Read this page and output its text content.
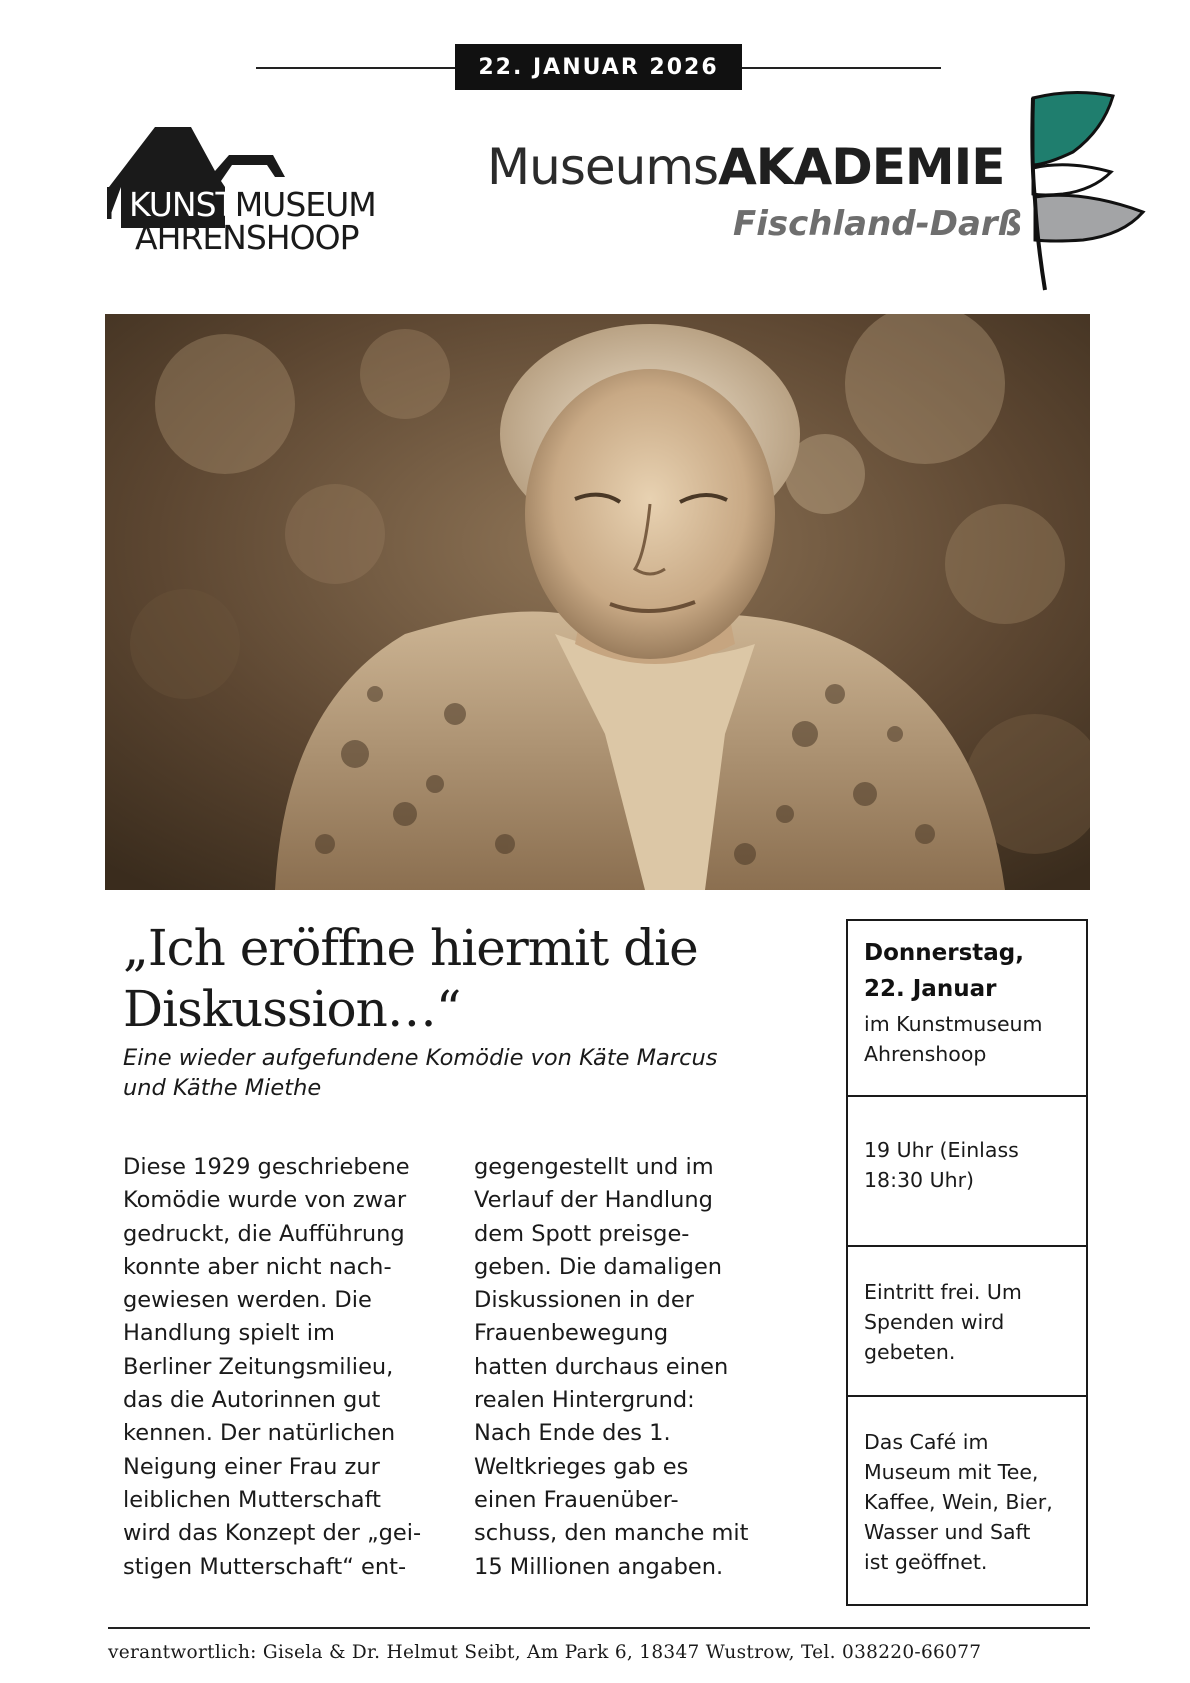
22. JANUAR 2026
KUNSTMUSEUM
AHRENSHOOP
MuseumsAKADEMIE
Fischland-Darß
„Ich eröffne hiermit die Diskussion…“
Eine wieder aufgefundene Komödie von Käte Marcus und Käthe Miethe
Diese 1929 geschriebene
Komödie wurde von zwar
gedruckt, die Aufführung
konnte aber nicht nach-
gewiesen werden. Die
Handlung spielt im
Berliner Zeitungsmilieu,
das die Autorinnen gut
kennen. Der natürlichen
Neigung einer Frau zur
leiblichen Mutterschaft
wird das Konzept der „gei-
stigen Mutterschaft“ ent-
gegengestellt und im
Verlauf der Handlung
dem Spott preisge-
geben. Die damaligen
Diskussionen in der
Frauenbewegung
hatten durchaus einen
realen Hintergrund:
Nach Ende des 1.
Weltkrieges gab es
einen Frauenüber-
schuss, den manche mit
15 Millionen angaben.
Donnerstag,
22. Januar
im Kunstmuseum
Ahrenshoop
19 Uhr (Einlass
18:30 Uhr)
Eintritt frei. Um
Spenden wird
gebeten.
Das Café im
Museum mit Tee,
Kaffee, Wein, Bier,
Wasser und Saft
ist geöffnet.
verantwortlich: Gisela & Dr. Helmut Seibt, Am Park 6, 18347 Wustrow, Tel. 038220-66077
